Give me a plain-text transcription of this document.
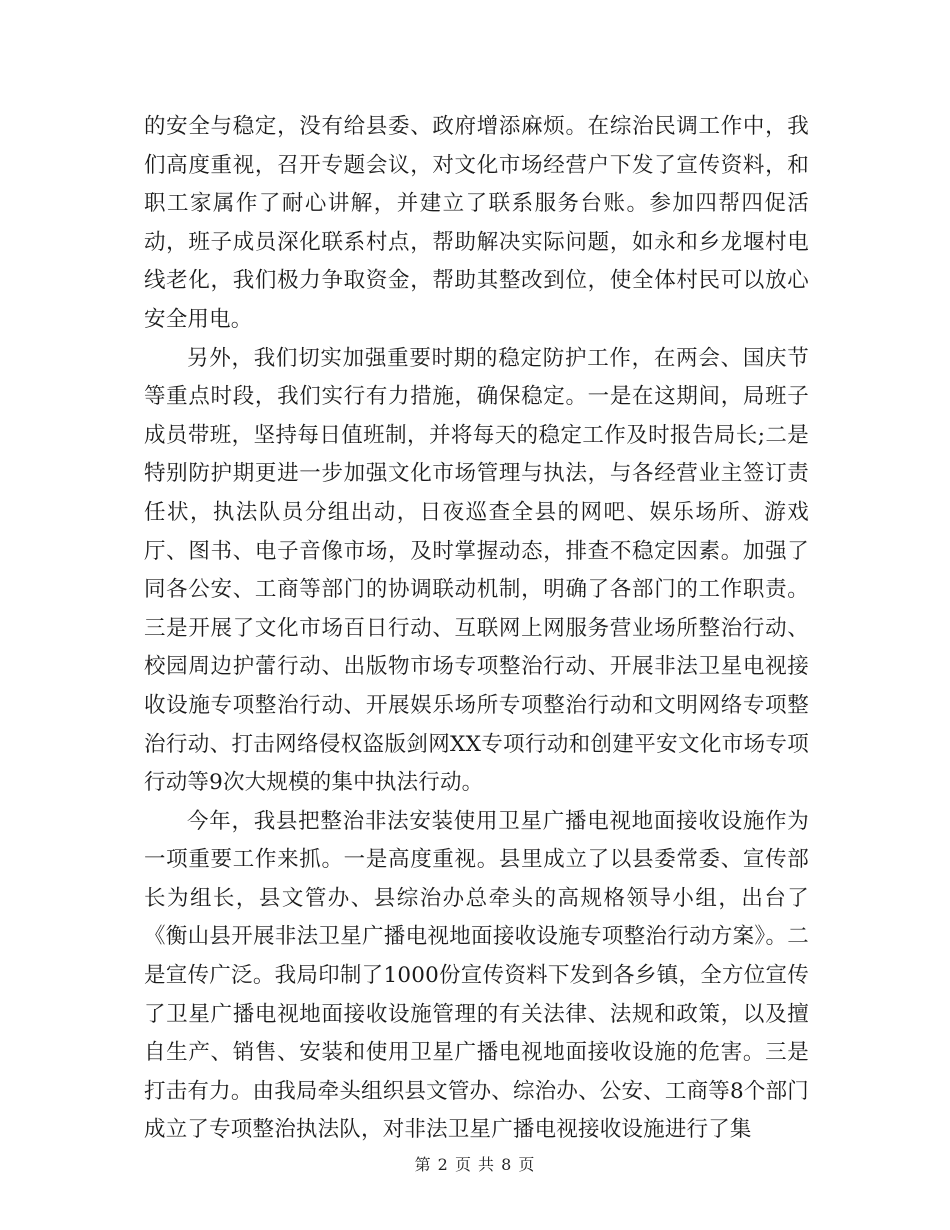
的安全与稳定，没有给县委、政府增添麻烦。在综治民调工作中，我们高度重视，召开专题会议，对文化市场经营户下发了宣传资料，和职工家属作了耐心讲解，并建立了联系服务台账。参加四帮四促活动，班子成员深化联系村点，帮助解决实际问题，如永和乡龙堰村电线老化，我们极力争取资金，帮助其整改到位，使全体村民可以放心安全用电。

另外，我们切实加强重要时期的稳定防护工作，在两会、国庆节等重点时段，我们实行有力措施，确保稳定。一是在这期间，局班子成员带班，坚持每日值班制，并将每天的稳定工作及时报告局长;二是特别防护期更进一步加强文化市场管理与执法，与各经营业主签订责任状，执法队员分组出动，日夜巡查全县的网吧、娱乐场所、游戏厅、图书、电子音像市场，及时掌握动态，排查不稳定因素。加强了同各公安、工商等部门的协调联动机制，明确了各部门的工作职责。三是开展了文化市场百日行动、互联网上网服务营业场所整治行动、校园周边护蕾行动、出版物市场专项整治行动、开展非法卫星电视接收设施专项整治行动、开展娱乐场所专项整治行动和文明网络专项整治行动、打击网络侵权盗版剑网XX专项行动和创建平安文化市场专项行动等9次大规模的集中执法行动。

今年，我县把整治非法安装使用卫星广播电视地面接收设施作为一项重要工作来抓。一是高度重视。县里成立了以县委常委、宣传部长为组长，县文管办、县综治办总牵头的高规格领导小组，出台了《衡山县开展非法卫星广播电视地面接收设施专项整治行动方案》。二是宣传广泛。我局印制了1000份宣传资料下发到各乡镇，全方位宣传了卫星广播电视地面接收设施管理的有关法律、法规和政策，以及擅自生产、销售、安装和使用卫星广播电视地面接收设施的危害。三是打击有力。由我局牵头组织县文管办、综治办、公安、工商等8个部门成立了专项整治执法队，对非法卫星广播电视接收设施进行了集

第 2 页 共 8 页
